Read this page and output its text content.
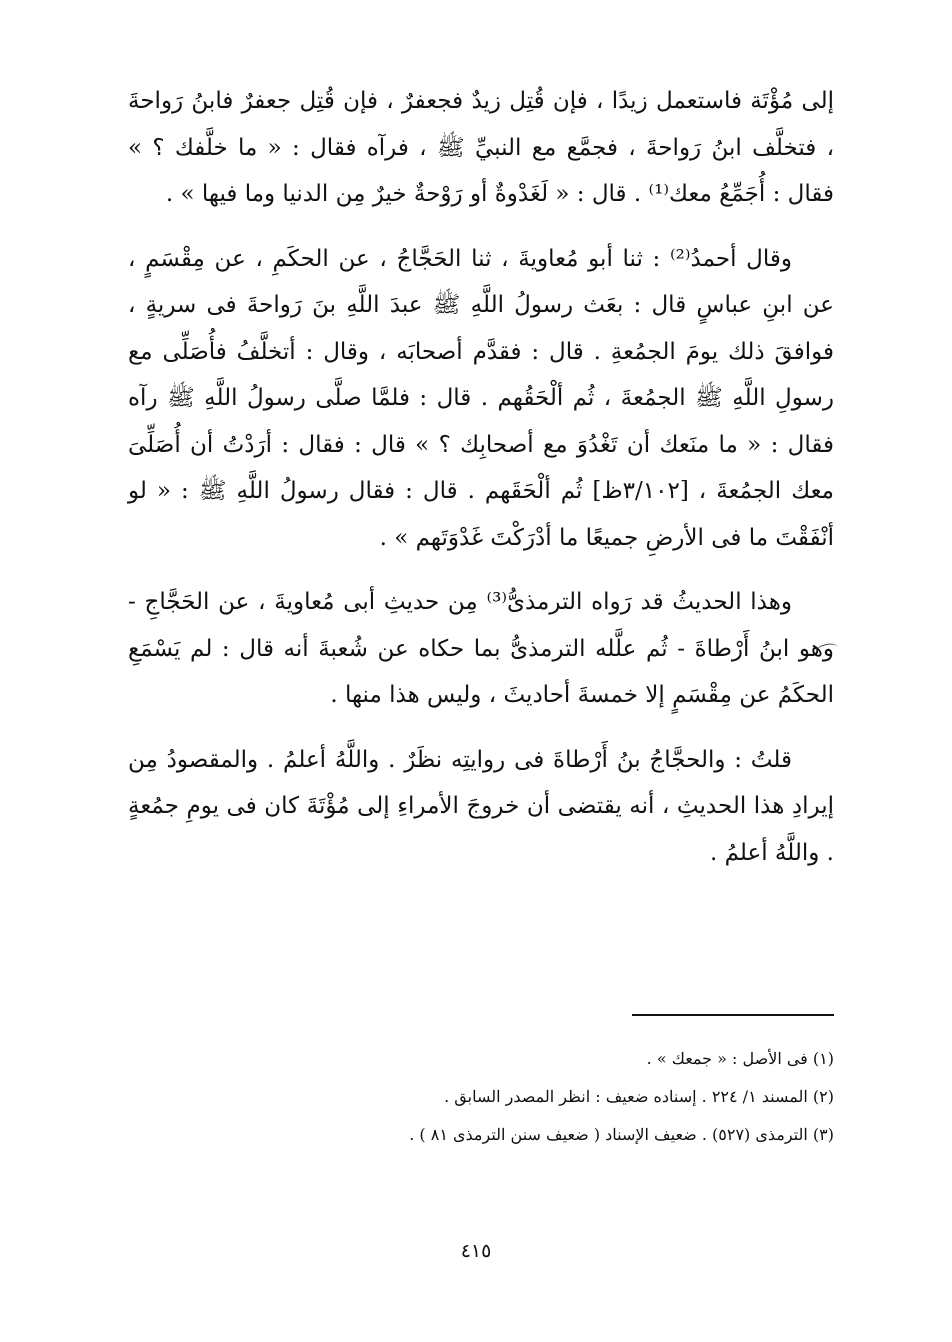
إلى مُؤْتَة فاستعمل زيدًا ، فإن قُتِل زيدٌ فجعفرٌ ، فإن قُتِل جعفرٌ فابنُ رَواحةَ ، فتخلَّف ابنُ رَواحةَ ، فجمَّع مع النبيِّ ﷺ ، فرآه فقال : « ما خلَّفك ؟ » فقال : أُجَمِّعُ معك⁽¹⁾ . قال : « لَغَدْوةٌ أو رَوْحةٌ خيرٌ مِن الدنيا وما فيها » .

وقال أحمدُ⁽²⁾ : ثنا أبو مُعاويةَ ، ثنا الحَجَّاجُ ، عن الحكَمِ ، عن مِقْسَمٍ ، عن ابنِ عباسٍ قال : بعَث رسولُ اللَّهِ ﷺ عبدَ اللَّهِ بنَ رَواحةَ فى سريةٍ ، فوافقَ ذلك يومَ الجمُعةِ . قال : فقدَّم أصحابَه ، وقال : أتخلَّفُ فأُصَلِّى مع رسولِ اللَّهِ ﷺ الجمُعةَ ، ثُم ألْحَقُهم . قال : فلمَّا صلَّى رسولُ اللَّهِ ﷺ رآه فقال : « ما منَعك أن تَغْدُوَ مع أصحابِك ؟ » قال : فقال : أرَدْتُ أن أُصَلِّىَ معك الجمُعةَ ، [٣/١٠٢ظ] ثُم ألْحَقَهم . قال : فقال رسولُ اللَّهِ ﷺ : « لو أنْفَقْتَ ما فى الأرضِ جميعًا ما أدْرَكْتَ غَدْوَتَهم » .

وهذا الحديثُ قد رَواه الترمذىُّ⁽³⁾ مِن حديثِ أبى مُعاويةَ ، عن الحَجَّاجِ - وهو ابنُ أَرْطاةَ - ثُم علَّله الترمذىُّ بما حكاه عن شُعبةَ أنه قال : لم يَسْمَعِ الحكَمُ عن مِقْسَمٍ إلا خمسةَ أحاديثَ ، وليس هذا منها .

قلتُ : والحجَّاجُ بنُ أَرْطاةَ فى روايتِه نظَرٌ . واللَّهُ أعلمُ . والمقصودُ مِن إيرادِ هذا الحديثِ ، أنه يقتضى أن خروجَ الأمراءِ إلى مُؤْتَةَ كان فى يومِ جمُعةٍ . واللَّهُ أعلمُ .

(١) فى الأصل : « جمعك » .

(٢) المسند ١/ ٢٢٤ . إسناده ضعيف : انظر المصدر السابق .

(٣) الترمذى (٥٢٧) . ضعيف الإسناد ( ضعيف سنن الترمذى ٨١ ) .

٤١٥
